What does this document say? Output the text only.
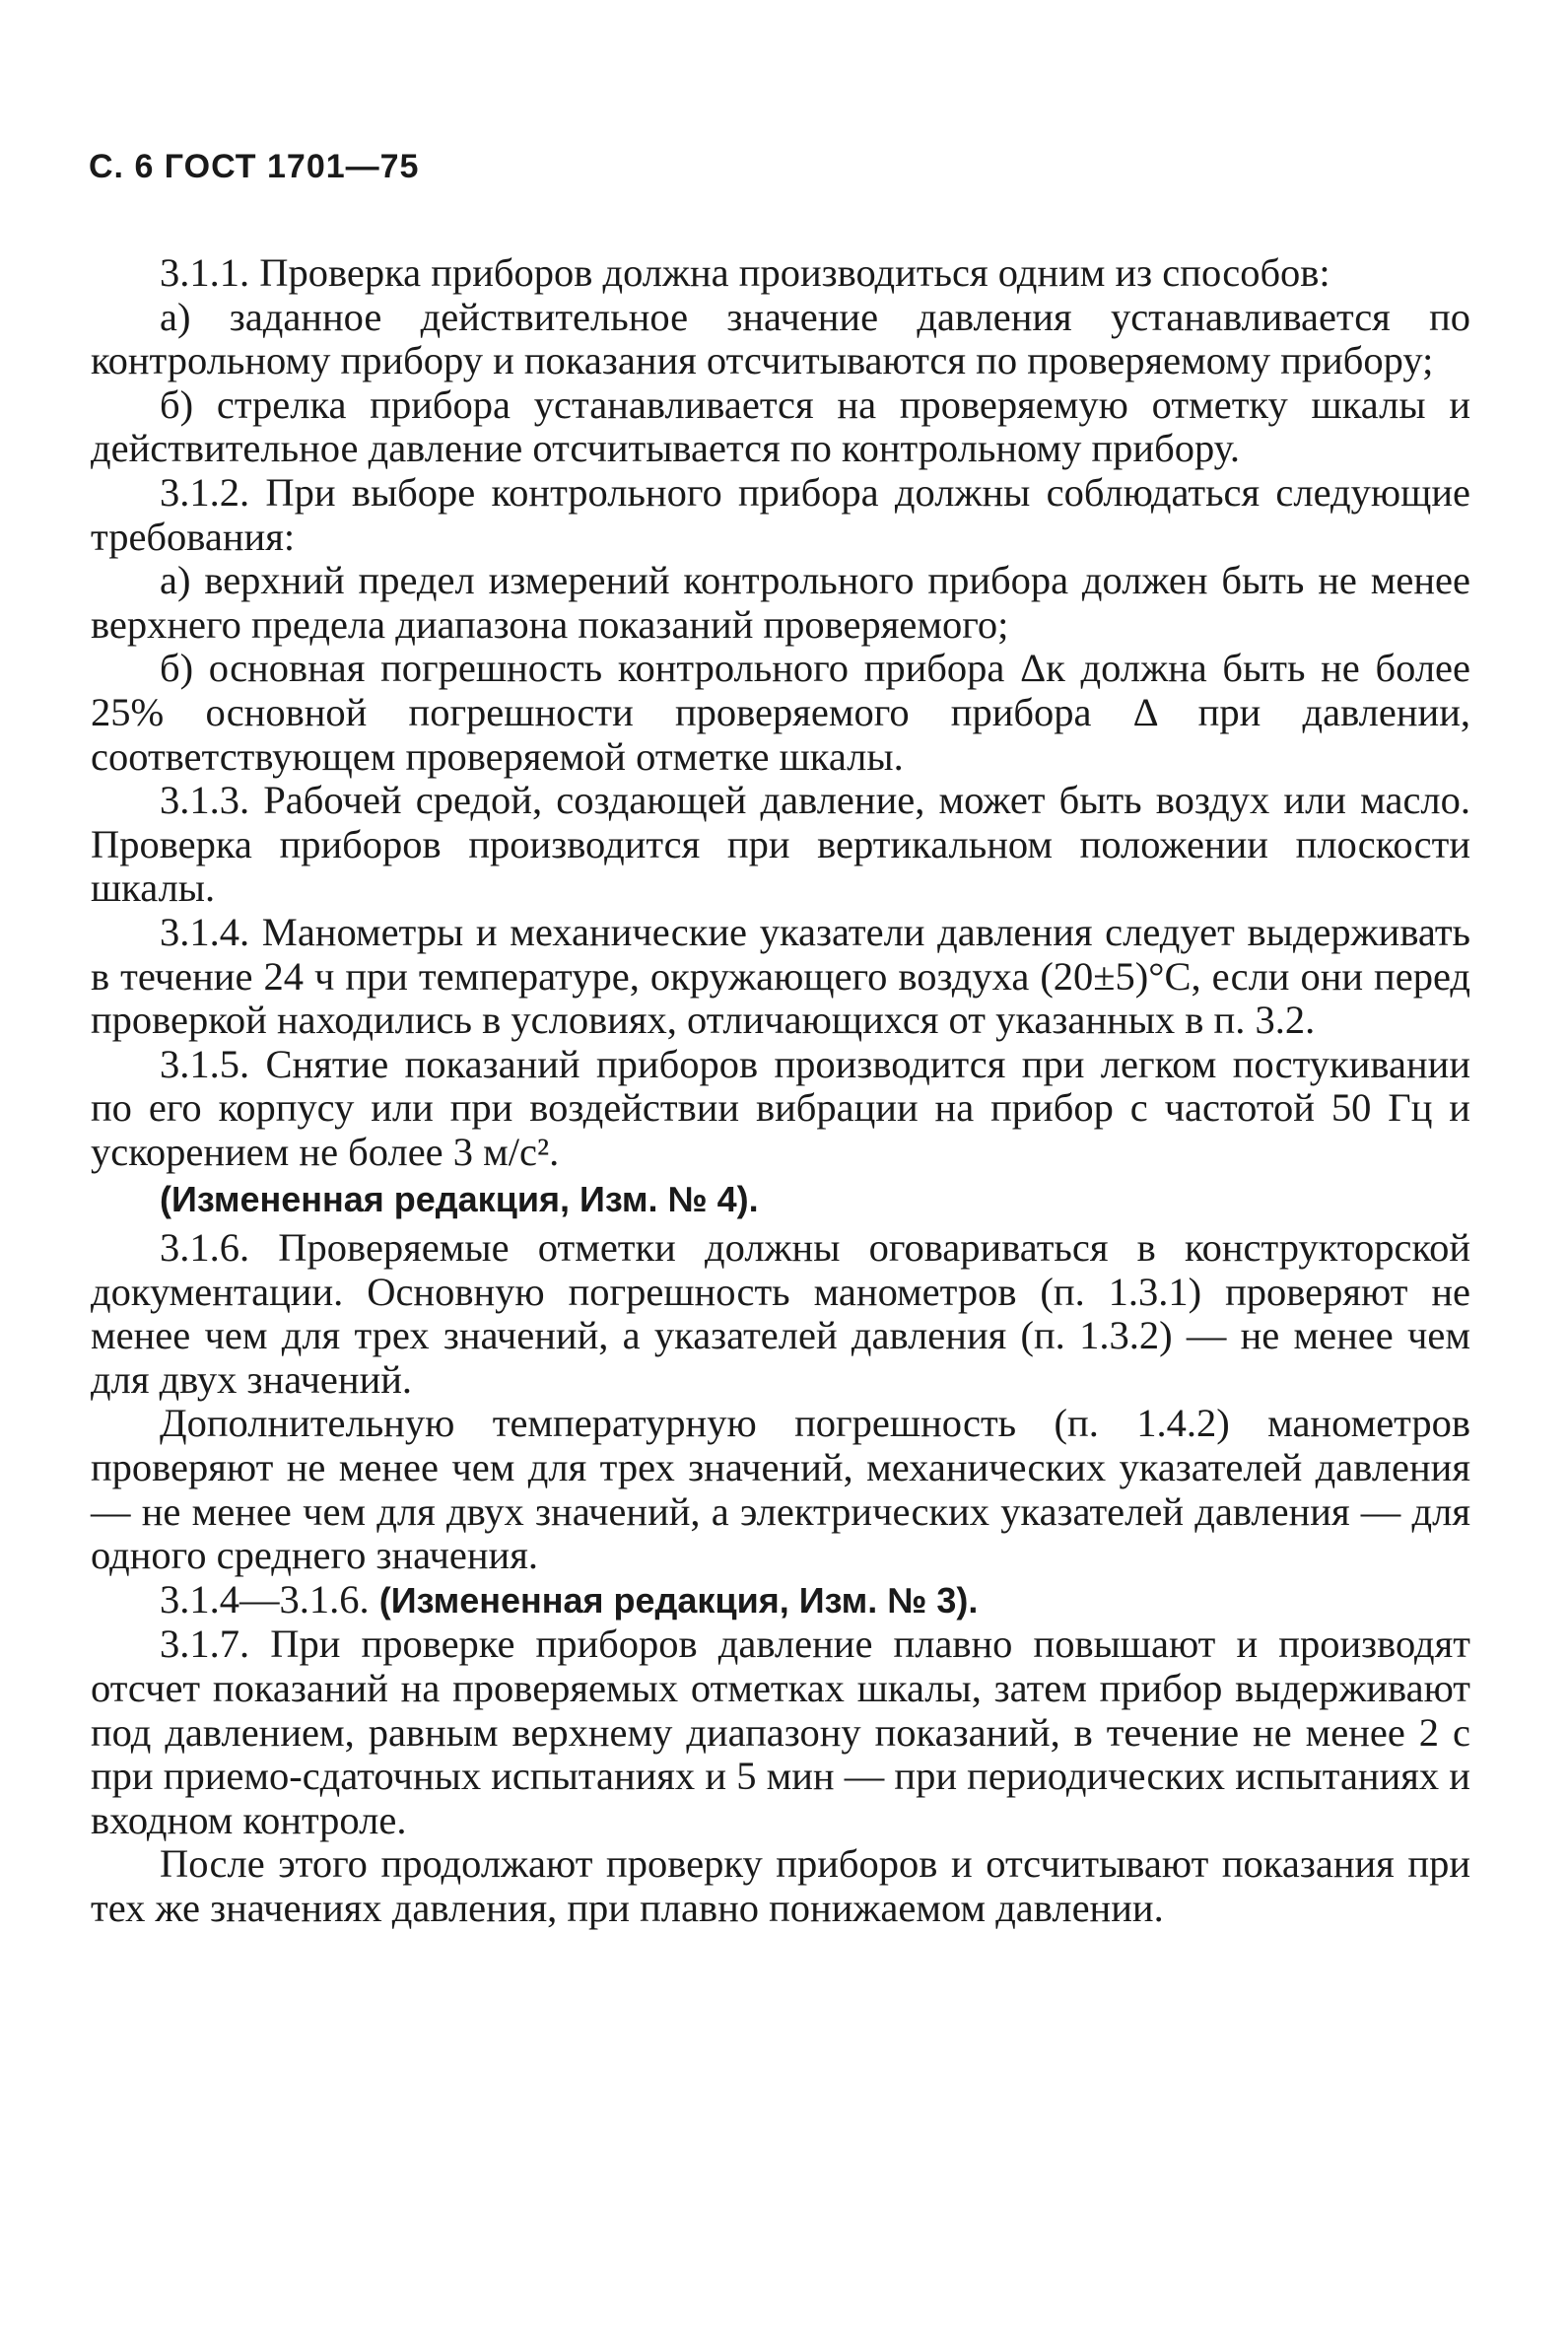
С. 6 ГОСТ 1701—75

3.1.1. Проверка приборов должна производиться одним из способов:

а) заданное действительное значение давления устанавливается по контрольному прибору и показания отсчитываются по проверяемому прибору;

б) стрелка прибора устанавливается на проверяемую отметку шкалы и действительное давление отсчитывается по контрольному прибору.

3.1.2. При выборе контрольного прибора должны соблюдаться следующие требования:

а) верхний предел измерений контрольного прибора должен быть не менее верхнего предела диапазона показаний проверяемого;

б) основная погрешность контрольного прибора Δк должна быть не более 25% основной погрешности проверяемого прибора Δ при давлении, соответствующем проверяемой отметке шкалы.

3.1.3. Рабочей средой, создающей давление, может быть воздух или масло. Проверка приборов производится при вертикальном положении плоскости шкалы.

3.1.4. Манометры и механические указатели давления следует выдерживать в течение 24 ч при температуре, окружающего воздуха (20±5)°С, если они перед проверкой находились в условиях, отличающихся от указанных в п. 3.2.

3.1.5. Снятие показаний приборов производится при легком постукивании по его корпусу или при воздействии вибрации на прибор с частотой 50 Гц и ускорением не более 3 м/с².

(Измененная редакция, Изм. № 4).

3.1.6. Проверяемые отметки должны оговариваться в конструкторской документации. Основную погрешность манометров (п. 1.3.1) проверяют не менее чем для трех значений, а указателей давления (п. 1.3.2) — не менее чем для двух значений.

Дополнительную температурную погрешность (п. 1.4.2) манометров проверяют не менее чем для трех значений, механических указателей давления — не менее чем для двух значений, а электрических указателей давления — для одного среднего значения.

3.1.4—3.1.6. (Измененная редакция, Изм. № 3).

3.1.7. При проверке приборов давление плавно повышают и производят отсчет показаний на проверяемых отметках шкалы, затем прибор выдерживают под давлением, равным верхнему диапазону показаний, в течение не менее 2 с при приемо-сдаточных испытаниях и 5 мин — при периодических испытаниях и входном контроле.

После этого продолжают проверку приборов и отсчитывают показания при тех же значениях давления, при плавно понижаемом давлении.
